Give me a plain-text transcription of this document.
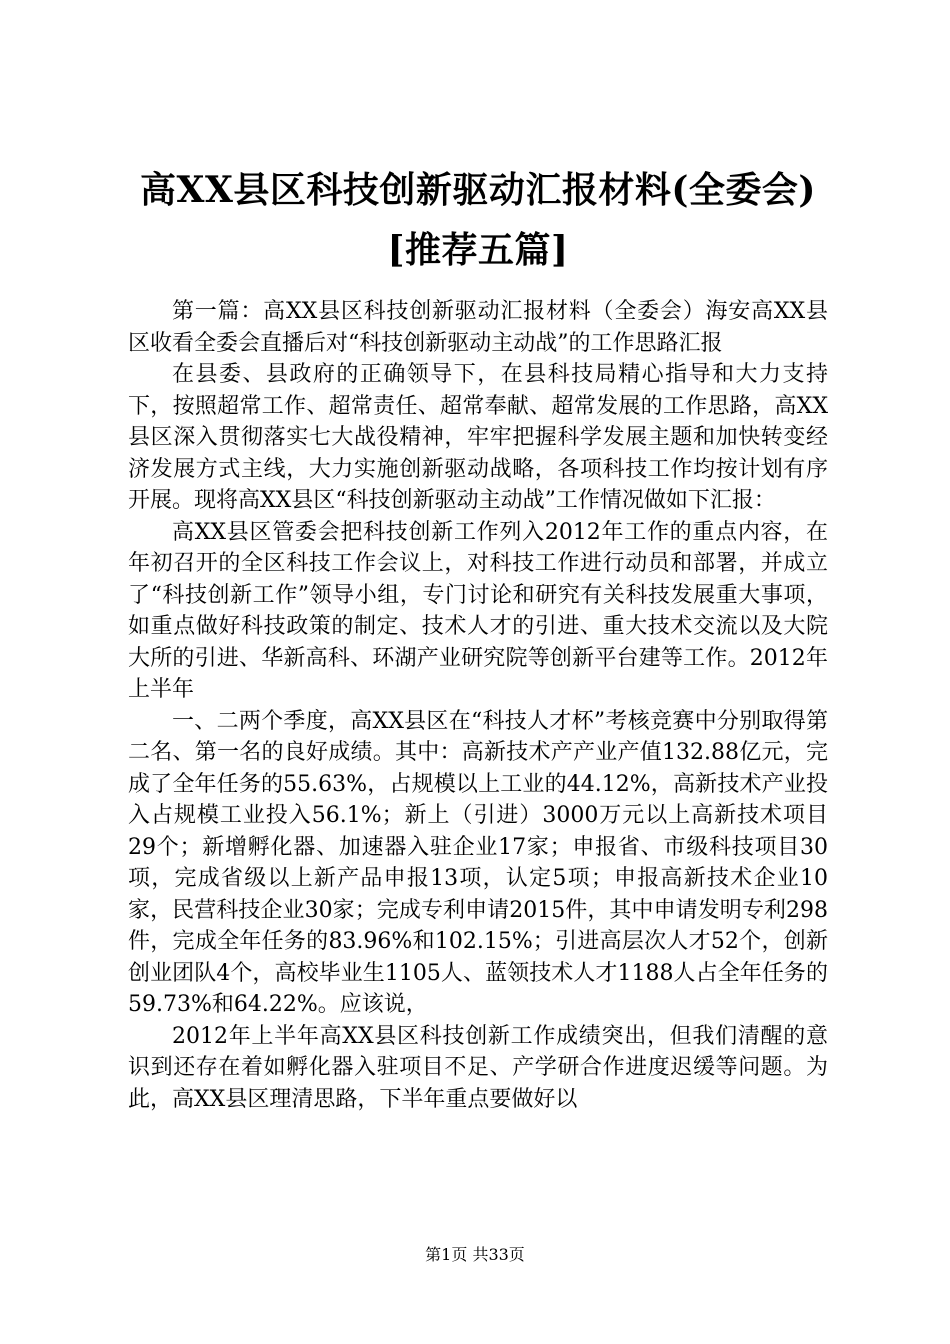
高XX县区科技创新驱动汇报材料(全委会)[推荐五篇]

第一篇：高XX县区科技创新驱动汇报材料（全委会）海安高XX县区收看全委会直播后对“科技创新驱动主动战”的工作思路汇报

在县委、县政府的正确领导下，在县科技局精心指导和大力支持下，按照超常工作、超常责任、超常奉献、超常发展的工作思路，高XX县区深入贯彻落实七大战役精神，牢牢把握科学发展主题和加快转变经济发展方式主线，大力实施创新驱动战略，各项科技工作均按计划有序开展。现将高XX县区“科技创新驱动主动战”工作情况做如下汇报：

高XX县区管委会把科技创新工作列入2012年工作的重点内容，在年初召开的全区科技工作会议上，对科技工作进行动员和部署，并成立了“科技创新工作”领导小组，专门讨论和研究有关科技发展重大事项，如重点做好科技政策的制定、技术人才的引进、重大技术交流以及大院大所的引进、华新高科、环湖产业研究院等创新平台建等工作。2012年上半年

一、二两个季度，高XX县区在“科技人才杯”考核竞赛中分别取得第二名、第一名的良好成绩。其中：高新技术产产业产值132.88亿元，完成了全年任务的55.63%，占规模以上工业的44.12%，高新技术产业投入占规模工业投入56.1%；新上（引进）3000万元以上高新技术项目29个；新增孵化器、加速器入驻企业17家；申报省、市级科技项目30项，完成省级以上新产品申报13项，认定5项；申报高新技术企业10家，民营科技企业30家；完成专利申请2015件，其中申请发明专利298件，完成全年任务的83.96%和102.15%；引进高层次人才52个，创新创业团队4个，高校毕业生1105人、蓝领技术人才1188人占全年任务的59.73%和64.22%。应该说，

2012年上半年高XX县区科技创新工作成绩突出，但我们清醒的意识到还存在着如孵化器入驻项目不足、产学研合作进度迟缓等问题。为此，高XX县区理清思路，下半年重点要做好以

第1页 共33页
